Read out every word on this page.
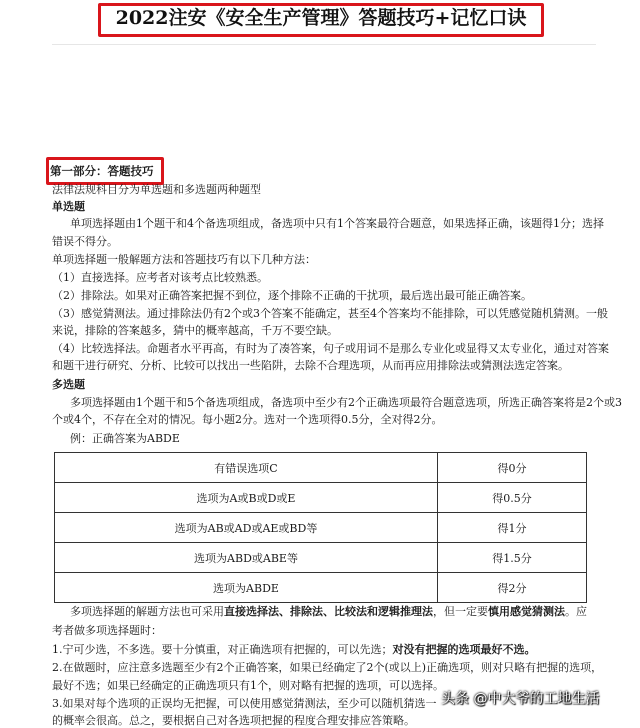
2022注安《安全生产管理》答题技巧+记忆口诀
第一部分：答题技巧
法律法规科目分为单选题和多选题两种题型
单选题
单项选择题由1个题干和4个备选项组成，备选项中只有1个答案最符合题意，如果选择正确，该题得1分；选择
错误不得分。
单项选择题一般解题方法和答题技巧有以下几种方法：
（1）直接选择。应考者对该考点比较熟悉。
（2）排除法。如果对正确答案把握不到位，逐个排除不正确的干扰项，最后选出最可能正确答案。
（3）感觉猜测法。通过排除法仍有2个或3个答案不能确定，甚至4个答案均不能排除，可以凭感觉随机猜测。一般
来说，排除的答案越多，猜中的概率越高，千万不要空缺。
（4）比较选择法。命题者水平再高，有时为了凑答案，句子或用词不是那么专业化或显得又太专业化，通过对答案
和题干进行研究、分析、比较可以找出一些陷阱，去除不合理选项，从而再应用排除法或猜测法选定答案。
多选题
多项选择题由1个题干和5个备选项组成，备选项中至少有2个正确选项最符合题意选项，所选正确答案将是2个或3
个或4个，不存在全对的情况。每小题2分。选对一个选项得0.5分，全对得2分。
例：正确答案为ABDE
有错误选项C	得0分
选项为A或B或D或E	得0.5分
选项为AB或AD或AE或BD等	得1分
选项为ABD或ABE等	得1.5分
选项为ABDE	得2分
多项选择题的解题方法也可采用直接选择法、排除法、比较法和逻辑推理法，但一定要慎用感觉猜测法。应
考者做多项选择题时：
1.宁可少选，不多选。要十分慎重，对正确选项有把握的，可以先选；对没有把握的选项最好不选。
2.在做题时，应注意多选题至少有2个正确答案，如果已经确定了2个(或以上)正确选项，则对只略有把握的选项，
最好不选；如果已经确定的正确选项只有1个，则对略有把握的选项，可以选择。
3.如果对每个选项的正误均无把握，可以使用感觉猜测法，至少可以随机猜选一
的概率会很高。总之，要根据自己对各选项把握的程度合理安排应答策略。
头条 @中大爷的工地生活
